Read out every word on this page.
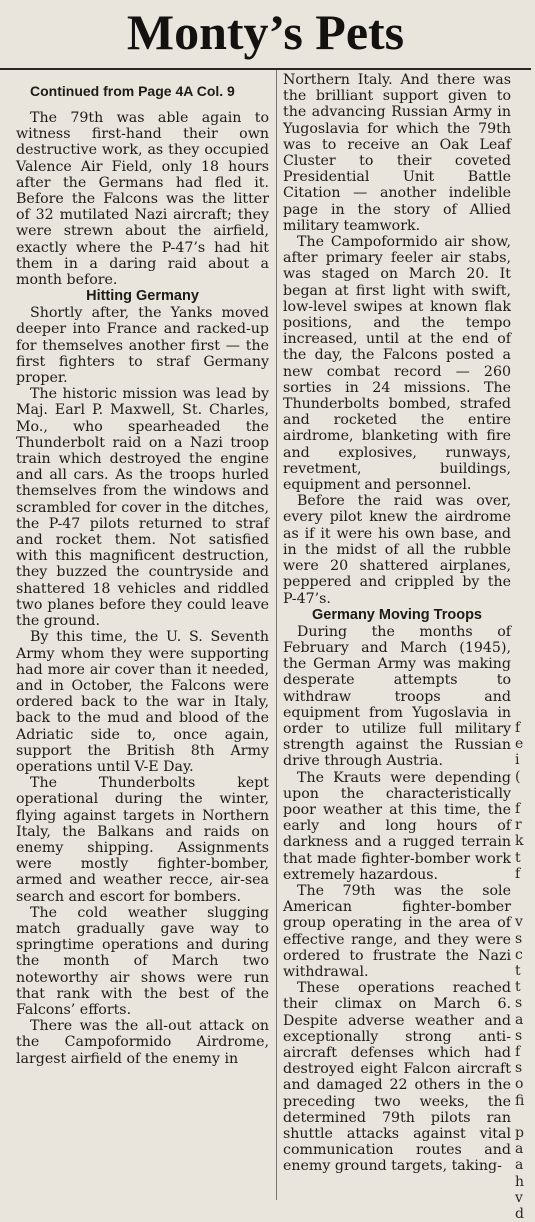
Monty’s Pets
Continued from Page 4A Col. 9

The 79th was able again to witness first-hand their own destructive work, as they occupied Valence Air Field, only 18 hours after the Germans had fled it. Before the Falcons was the litter of 32 mutilated Nazi aircraft; they were strewn about the airfield, exactly where the P-47’s had hit them in a daring raid about a month before.

Hitting Germany

Shortly after, the Yanks moved deeper into France and racked-up for themselves another first — the first fighters to straf Germany proper.

The historic mission was lead by Maj. Earl P. Maxwell, St. Charles, Mo., who spearheaded the Thunderbolt raid on a Nazi troop train which destroyed the engine and all cars. As the troops hurled themselves from the windows and scrambled for cover in the ditches, the P-47 pilots returned to straf and rocket them. Not satisfied with this magnificent destruction, they buzzed the countryside and shattered 18 vehicles and riddled two planes before they could leave the ground.

By this time, the U. S. Seventh Army whom they were supporting had more air cover than it needed, and in October, the Falcons were ordered back to the war in Italy, back to the mud and blood of the Adriatic side to, once again, support the British 8th Army operations until V-E Day.

The Thunderbolts kept operational during the winter, flying against targets in Northern Italy, the Balkans and raids on enemy shipping. Assignments were mostly fighter-bomber, armed and weather recce, air-sea search and escort for bombers.

The cold weather slugging match gradually gave way to springtime operations and during the month of March two noteworthy air shows were run that rank with the best of the Falcons’ efforts.

There was the all-out attack on the Campoformido Airdrome, largest airfield of the enemy in

Northern Italy. And there was the brilliant support given to the advancing Russian Army in Yugoslavia for which the 79th was to receive an Oak Leaf Cluster to their coveted Presidential Unit Battle Citation — another indelible page in the story of Allied military teamwork.

The Campoformido air show, after primary feeler air stabs, was staged on March 20. It began at first light with swift, low-level swipes at known flak positions, and the tempo increased, until at the end of the day, the Falcons posted a new combat record — 260 sorties in 24 missions. The Thunderbolts bombed, strafed and rocketed the entire airdrome, blanketing with fire and explosives, runways, revetment, buildings, equipment and personnel.

Before the raid was over, every pilot knew the airdrome as if it were his own base, and in the midst of all the rubble were 20 shattered airplanes, peppered and crippled by the P-47’s.

Germany Moving Troops

During the months of February and March (1945), the German Army was making desperate attempts to withdraw troops and equipment from Yugoslavia in order to utilize full military strength against the Russian drive through Austria.

The Krauts were depending upon the characteristically poor weather at this time, the early and long hours of darkness and a rugged terrain that made fighter-bomber work extremely hazardous.

The 79th was the sole American fighter-bomber group operating in the area of effective range, and they were ordered to frustrate the Nazi withdrawal.

These operations reached their climax on March 6. Despite adverse weather and exceptionally strong anti-aircraft defenses which had destroyed eight Falcon aircraft and damaged 22 others in the preceding two weeks, the determined 79th pilots ran shuttle attacks against vital communication routes and enemy ground targets, taking-

f
e
i
(
f
r
k
t
f
v
s
c
t
t
s
a
s
f
s
o
fi
p
a
a
h
v
d
